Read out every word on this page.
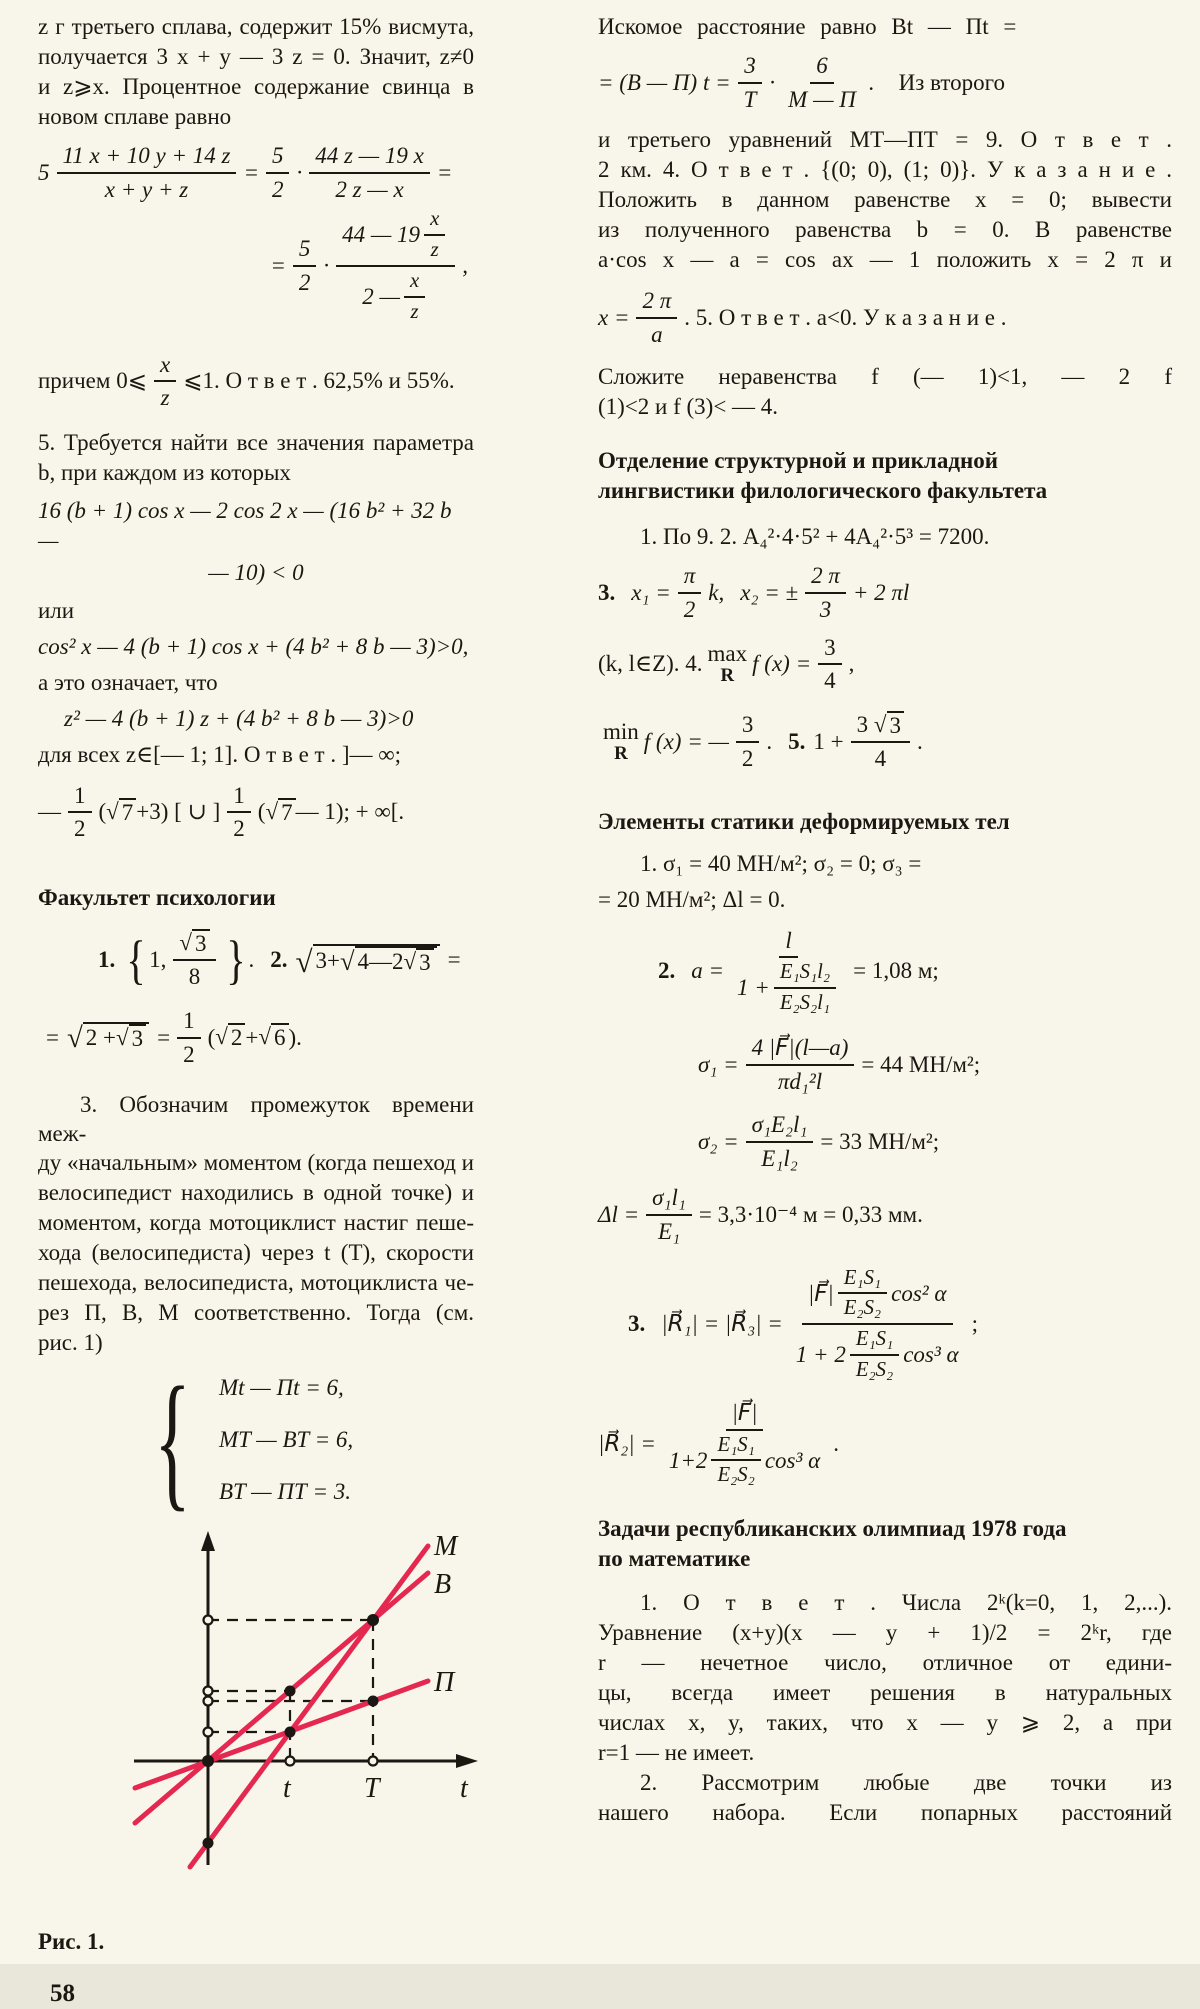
z г третьего сплава, содержит 15% висмута,
получается 3 x + y — 3 z = 0. Значит, z≠0
и z⩾x. Процентное содержание свинца в
новом сплаве равно
$5 \frac{11 x + 10 y + 14 z}{x + y + z} = \frac{5}{2} \cdot \frac{44 z — 19 x}{2 z — x}$ =
= $\frac{5}{2} \cdot \frac{44 — 19 \frac{x}{z}}{2 — \frac{x}{z}}$ ,
причем 0⩽ $\frac{x}{z}$ ⩽1. О т в е т . 62,5% и 55%.
5. Требуется найти все значения параметра
b, при каждом из которых
16 (b + 1) cos x — 2 cos 2 x — (16 b² + 32 b —
— 10) < 0
или
cos² x — 4 (b + 1) cos x + (4 b² + 8 b — 3)>0,
а это означает, что
z² — 4 (b + 1) z + (4 b² + 8 b — 3)>0
для всех z∈[— 1; 1]. О т в е т . ]— ∞;
— $\frac{1}{2}$ ( √ 7 +3) [ ∪ ] $\frac{1}{2}$ ( √ 7 — 1); + ∞[.
Факультет психологии
1. { 1, $\frac{√ 3}{8}$ } . 2. √ 3+ √ 4—2 √ 3 =
= √ 2 + √ $3 = \frac{1}{2}$ ( √ 2 + √ 6 ).
3. Обозначим промежуток времени меж-
ду «начальным» моментом (когда пешеход и
велосипедист находились в одной точке) и
моментом, когда мотоциклист настиг пеше-
хода (велосипедиста) через t (T), скорости
пешехода, велосипедиста, мотоциклиста че-
рез П, В, М соответственно. Тогда (см.
рис. 1)
{ Mt — Пt = 6,
MT — BT = 6,
BT — ПТ = 3.
M
B
П
t	T	t
Рис. 1.
58
Искомое расстояние равно Bt — Пt =
= (B — П) $t = \frac{3}{T}$ ·
6
M — П
. Из второго
и третьего уравнений МТ—ПТ = 9. О т в е т .
2 км. 4. О т в е т . {(0; 0), (1; 0)}. У к а з а н и е .
Положить в данном равенстве x = 0; вывести
из полученного равенства b = 0. В равенстве
a·cos x — a = cos ax — 1 положить x = 2 π и
$x = \frac{2 \pi}{a}$ . 5. О т в е т . a<0. У к а з а н и е .
Сложите неравенства f (— 1)<1, — 2 f
(1)<2 и f (3)< — 4.
Отделение структурной и прикладной
лингвистики филологического факультета
1. По 9. 2. A₄²·4·5² + 4A₄²·5³ = 7200.
3. $x_1 = \frac{\pi}{2} k$, x₂ = ± $\frac{2 \pi}{3} + 2$ πl
(k, l∈Z). 4. max
R f $(x) = \frac{3}{4}$ ,
min
R f (x) = — $\frac{3}{2}$ . 5. 1 + 3
√ 3
4 .
Элементы статики деформируемых тел
1. σ₁ = 40 МН/м²; σ₂ = 0; σ₃ =
= 20 МН/м²; Δl = 0.
2. $a = \frac{l}{1 + \frac{\text{E₁S₁l₂}}{\text{E₂S₂l₁}}} = 1,08$ м;
$\sigma_1 = \frac{4 |F⃗|(l—a)}{\text{πd₁²l}} = 44$ МН/м²;
$\sigma_2 = \frac{\text{σ₁E₂l₁}}{\text{E₁l₂}} = 33$ МН/м²;
$\Delta l = \frac{\text{σ₁l₁}}{\text{E₁}} = 3,3\cdot 10^{-4}$ м = 0,33 мм.
3. |R⃗₁| = |R⃗₃| =
|F⃗| $\frac{\text{E₁S₁}}{\text{E₂S₂}} \cos^2$ α
$1 + 2 \frac{\text{E₁S₁}}{\text{E₂S₂}} \cos^3$ α
;
|R⃗₂| =
|F⃗|
$1+2 \frac{\text{E₁S₁}}{\text{E₂S₂}} \cos^3$ α
.
Задачи республиканских олимпиад 1978 года
по математике
1. О т в е т . Числа 2ᵏ(k=0, 1, 2,...).
Уравнение (x+y)(x — y + 1)/2 = 2ᵏr, где
r — нечетное число, отличное от едини-
цы, всегда имеет решения в натуральных
числах x, y, таких, что x — y ⩾ 2, а при
r=1 — не имеет.
2. Рассмотрим любые две точки из
нашего набора. Если попарных расстояний
